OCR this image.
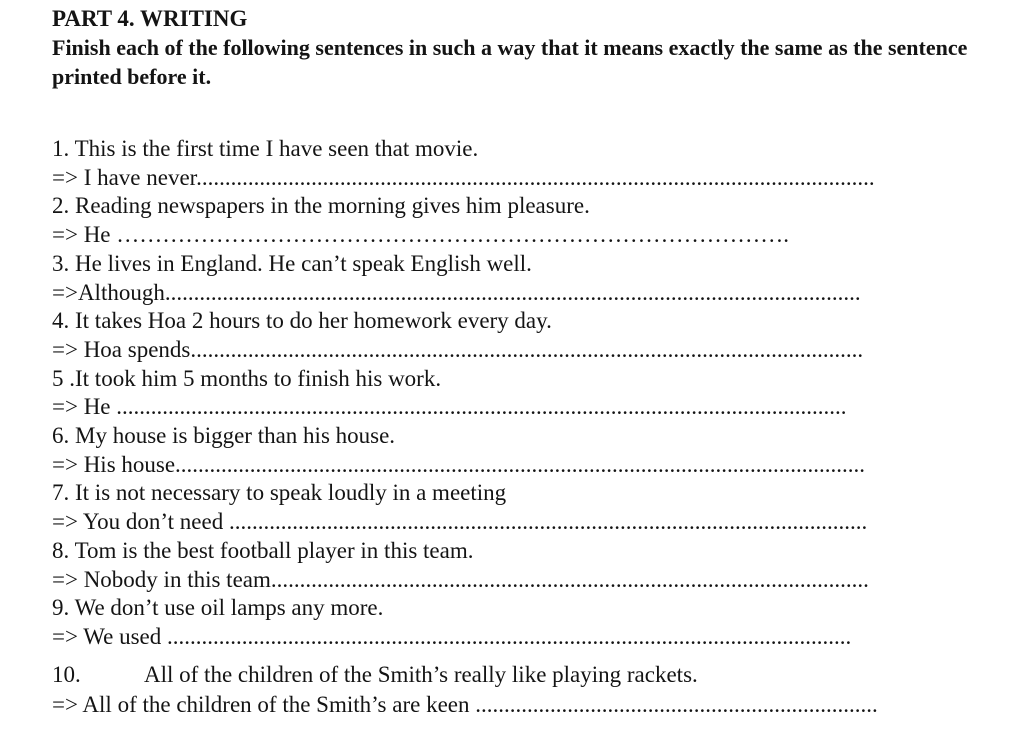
PART 4. WRITING

Finish each of the following sentences in such a way that it means exactly the same as the sentence printed before it.

1. This is the first time I have seen that movie.
=> I have never......................................................................................................................
2. Reading newspapers in the morning gives him pleasure.
=> He …………………………………………………………………………….
3. He lives in England. He can’t speak English well.
=>Although.........................................................................................................................
4. It takes Hoa 2 hours to do her homework every day.
=> Hoa spends.....................................................................................................................
5 .It took him 5 months to finish his work.
=> He ...............................................................................................................................
6. My house is bigger than his house.
=> His house........................................................................................................................
7. It is not necessary to speak loudly in a meeting
=> You don’t need ...............................................................................................................
8. Tom is the best football player in this team.
=> Nobody in this team........................................................................................................
9. We don’t use oil lamps any more.
=> We used .......................................................................................................................
10.	All of the children of the Smith’s really like playing rackets.
=> All of the children of the Smith’s are keen ......................................................................
